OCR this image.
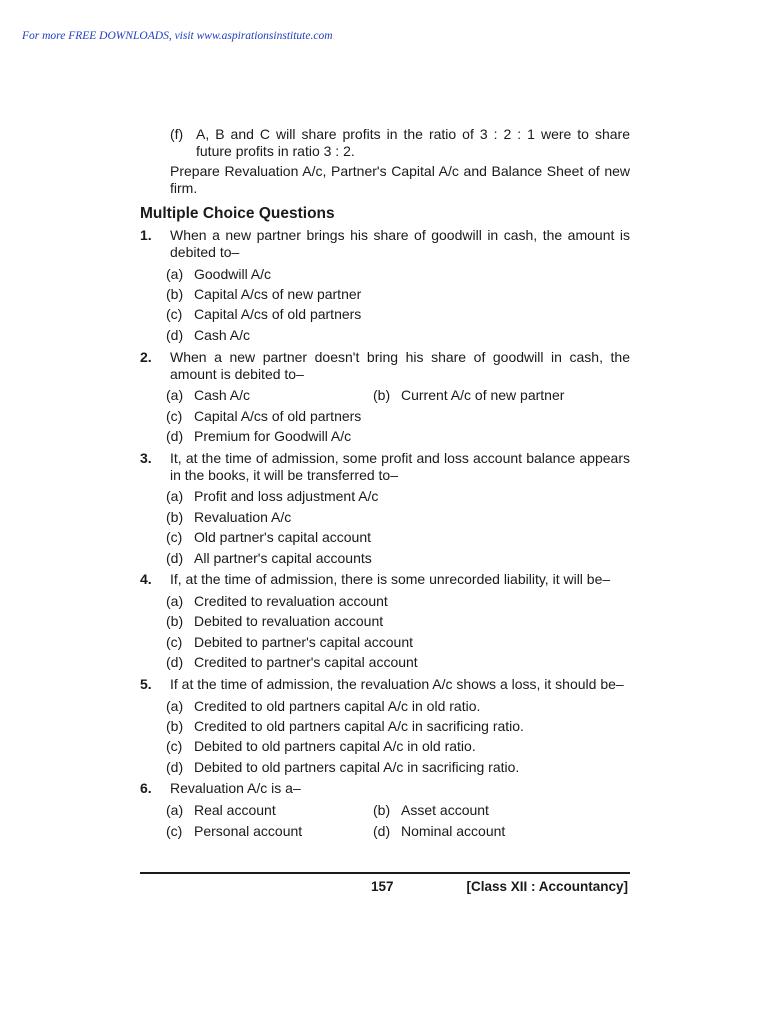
For more FREE DOWNLOADS, visit www.aspirationsinstitute.com
(f) A, B and C will share profits in the ratio of 3 : 2 : 1 were to share future profits in ratio 3 : 2.
Prepare Revaluation A/c, Partner's Capital A/c and Balance Sheet of new firm.
Multiple Choice Questions
1. When a new partner brings his share of goodwill in cash, the amount is debited to–
(a) Goodwill A/c
(b) Capital A/cs of new partner
(c) Capital A/cs of old partners
(d) Cash A/c
2. When a new partner doesn't bring his share of goodwill in cash, the amount is debited to–
(a) Cash A/c	(b) Current A/c of new partner
(c) Capital A/cs of old partners
(d) Premium for Goodwill A/c
3. It, at the time of admission, some profit and loss account balance appears in the books, it will be transferred to–
(a) Profit and loss adjustment A/c
(b) Revaluation A/c
(c) Old partner's capital account
(d) All partner's capital accounts
4. If, at the time of admission, there is some unrecorded liability, it will be–
(a) Credited to revaluation account
(b) Debited to revaluation account
(c) Debited to partner's capital account
(d) Credited to partner's capital account
5. If at the time of admission, the revaluation A/c shows a loss, it should be–
(a) Credited to old partners capital A/c in old ratio.
(b) Credited to old partners capital A/c in sacrificing ratio.
(c) Debited to old partners capital A/c in old ratio.
(d) Debited to old partners capital A/c in sacrificing ratio.
6. Revaluation A/c is a–
(a) Real account	(b) Asset account
(c) Personal account	(d) Nominal account
157	[Class XII : Accountancy]
